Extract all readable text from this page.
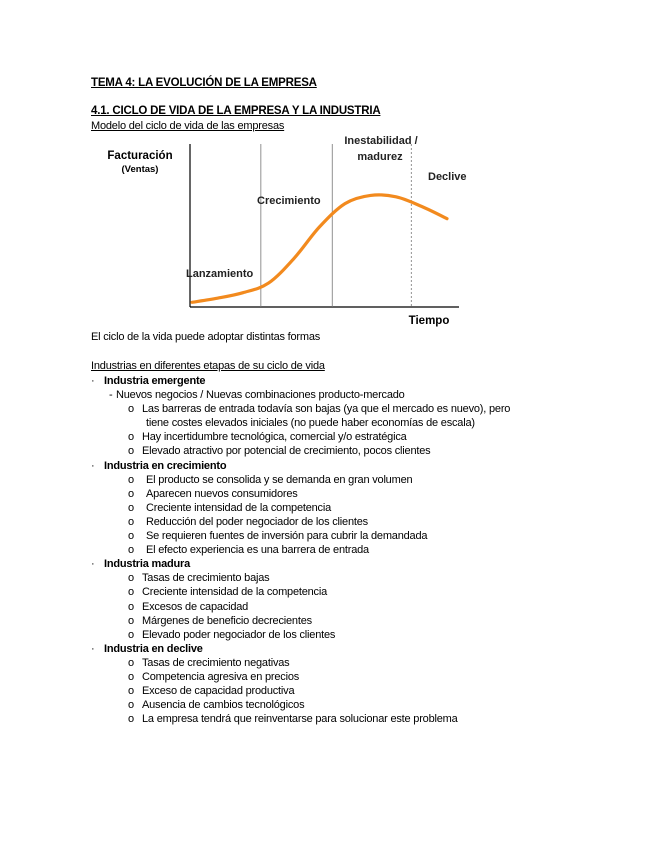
TEMA 4: LA EVOLUCIÓN DE LA EMPRESA
4.1. CICLO DE VIDA DE LA EMPRESA Y LA INDUSTRIA
Modelo del ciclo de vida de las empresas
Facturación
(Ventas)
Tiempo
Lanzamiento
Crecimiento
Inestabilidad /
madurez
Declive
El ciclo de la vida puede adoptar distintas formas
Industrias en diferentes etapas de su ciclo de vida
· Industria emergente
- Nuevos negocios / Nuevas combinaciones producto-mercado
o Las barreras de entrada todavía son bajas (ya que el mercado es nuevo), pero
tiene costes elevados iniciales (no puede haber economías de escala)
o Hay incertidumbre tecnológica, comercial y/o estratégica
o Elevado atractivo por potencial de crecimiento, pocos clientes
· Industria en crecimiento
o El producto se consolida y se demanda en gran volumen
o Aparecen nuevos consumidores
o Creciente intensidad de la competencia
o Reducción del poder negociador de los clientes
o Se requieren fuentes de inversión para cubrir la demandada
o El efecto experiencia es una barrera de entrada
· Industria madura
o Tasas de crecimiento bajas
o Creciente intensidad de la competencia
o Excesos de capacidad
o Márgenes de beneficio decrecientes
o Elevado poder negociador de los clientes
· Industria en declive
o Tasas de crecimiento negativas
o Competencia agresiva en precios
o Exceso de capacidad productiva
o Ausencia de cambios tecnológicos
o La empresa tendrá que reinventarse para solucionar este problema
